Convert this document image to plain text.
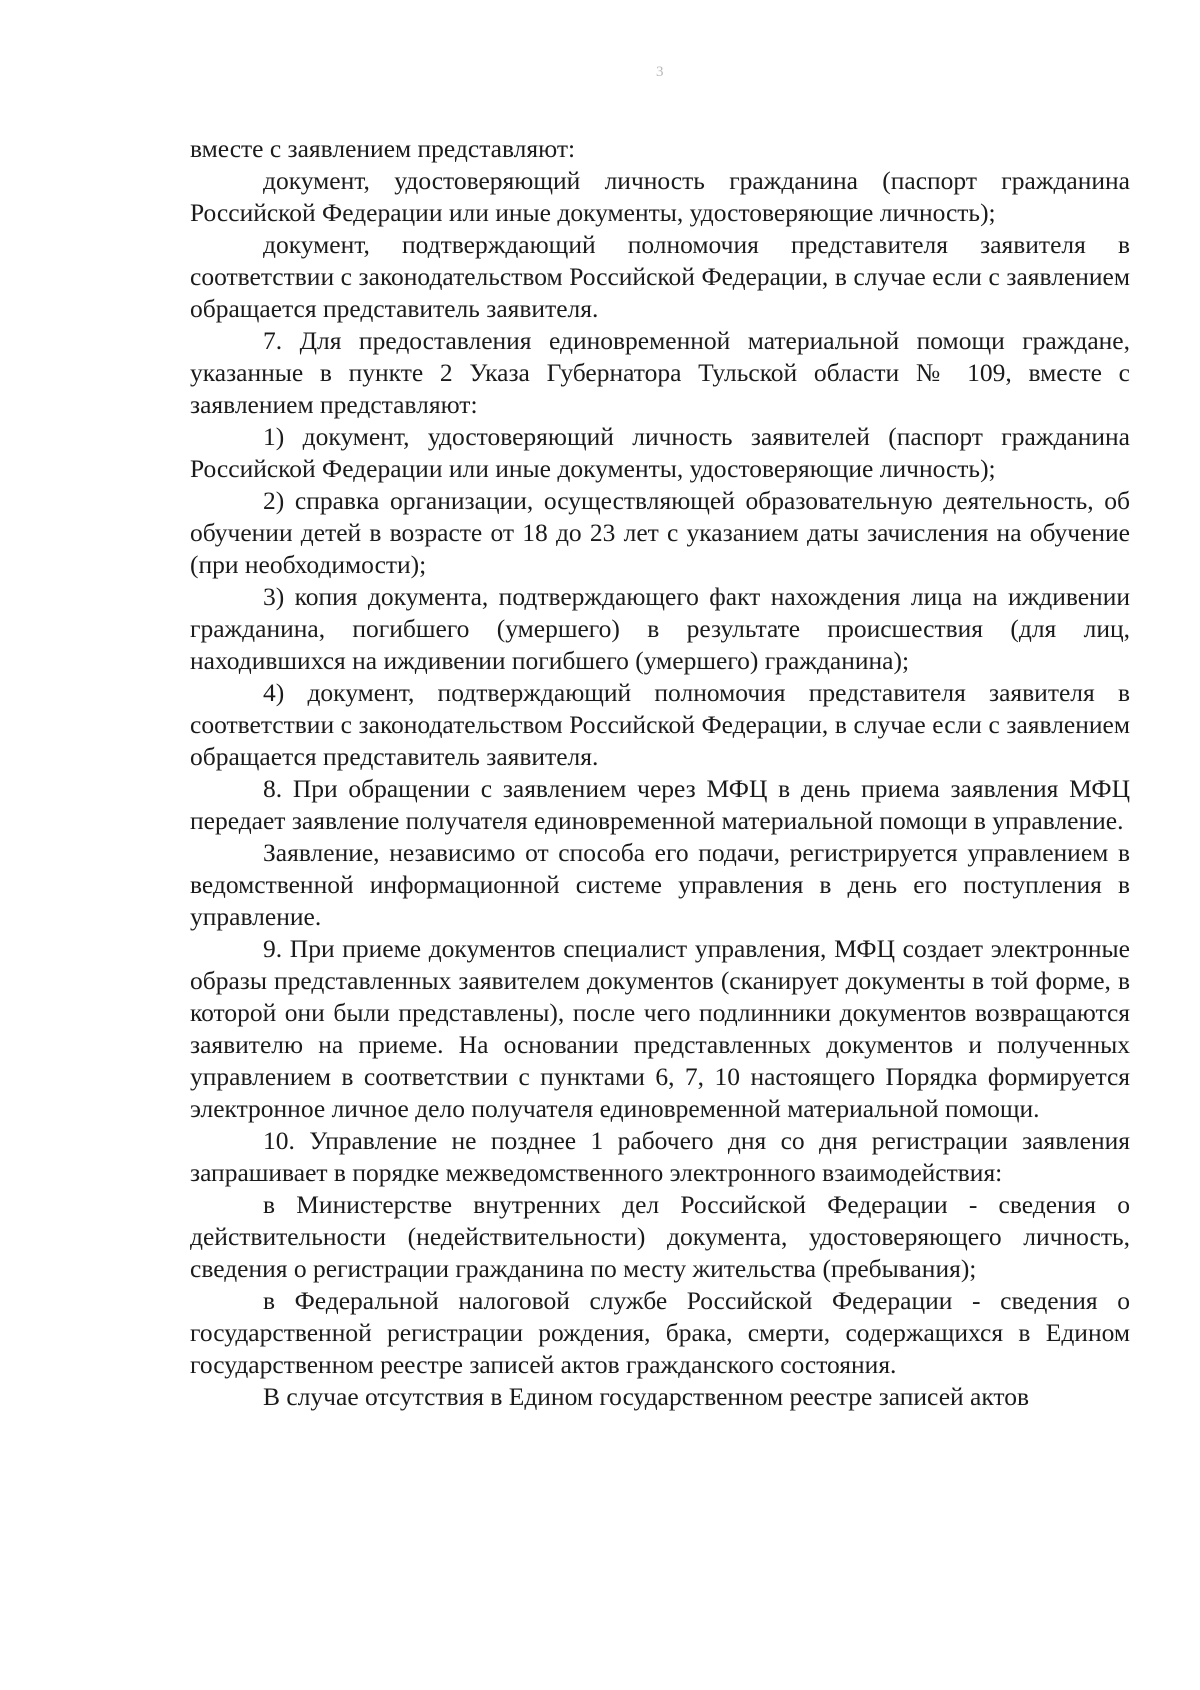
3

вместе с заявлением представляют:

документ, удостоверяющий личность гражданина (паспорт гражданина Российской Федерации или иные документы, удостоверяющие личность);

документ, подтверждающий полномочия представителя заявителя в соответствии с законодательством Российской Федерации, в случае если с заявлением обращается представитель заявителя.

7. Для предоставления единовременной материальной помощи граждане, указанные в пункте 2 Указа Губернатора Тульской области № 109, вместе с заявлением представляют:

1) документ, удостоверяющий личность заявителей (паспорт гражданина Российской Федерации или иные документы, удостоверяющие личность);

2) справка организации, осуществляющей образовательную деятельность, об обучении детей в возрасте от 18 до 23 лет с указанием даты зачисления на обучение (при необходимости);

3) копия документа, подтверждающего факт нахождения лица на иждивении гражданина, погибшего (умершего) в результате происшествия (для лиц, находившихся на иждивении погибшего (умершего) гражданина);

4) документ, подтверждающий полномочия представителя заявителя в соответствии с законодательством Российской Федерации, в случае если с заявлением обращается представитель заявителя.

8. При обращении с заявлением через МФЦ в день приема заявления МФЦ передает заявление получателя единовременной материальной помощи в управление.

Заявление, независимо от способа его подачи, регистрируется управлением в ведомственной информационной системе управления в день его поступления в управление.

9. При приеме документов специалист управления, МФЦ создает электронные образы представленных заявителем документов (сканирует документы в той форме, в которой они были представлены), после чего подлинники документов возвращаются заявителю на приеме. На основании представленных документов и полученных управлением в соответствии с пунктами 6, 7, 10 настоящего Порядка формируется электронное личное дело получателя единовременной материальной помощи.

10. Управление не позднее 1 рабочего дня со дня регистрации заявления запрашивает в порядке межведомственного электронного взаимодействия:

в Министерстве внутренних дел Российской Федерации - сведения о действительности (недействительности) документа, удостоверяющего личность, сведения о регистрации гражданина по месту жительства (пребывания);

в Федеральной налоговой службе Российской Федерации - сведения о государственной регистрации рождения, брака, смерти, содержащихся в Едином государственном реестре записей актов гражданского состояния.

В случае отсутствия в Едином государственном реестре записей актов
